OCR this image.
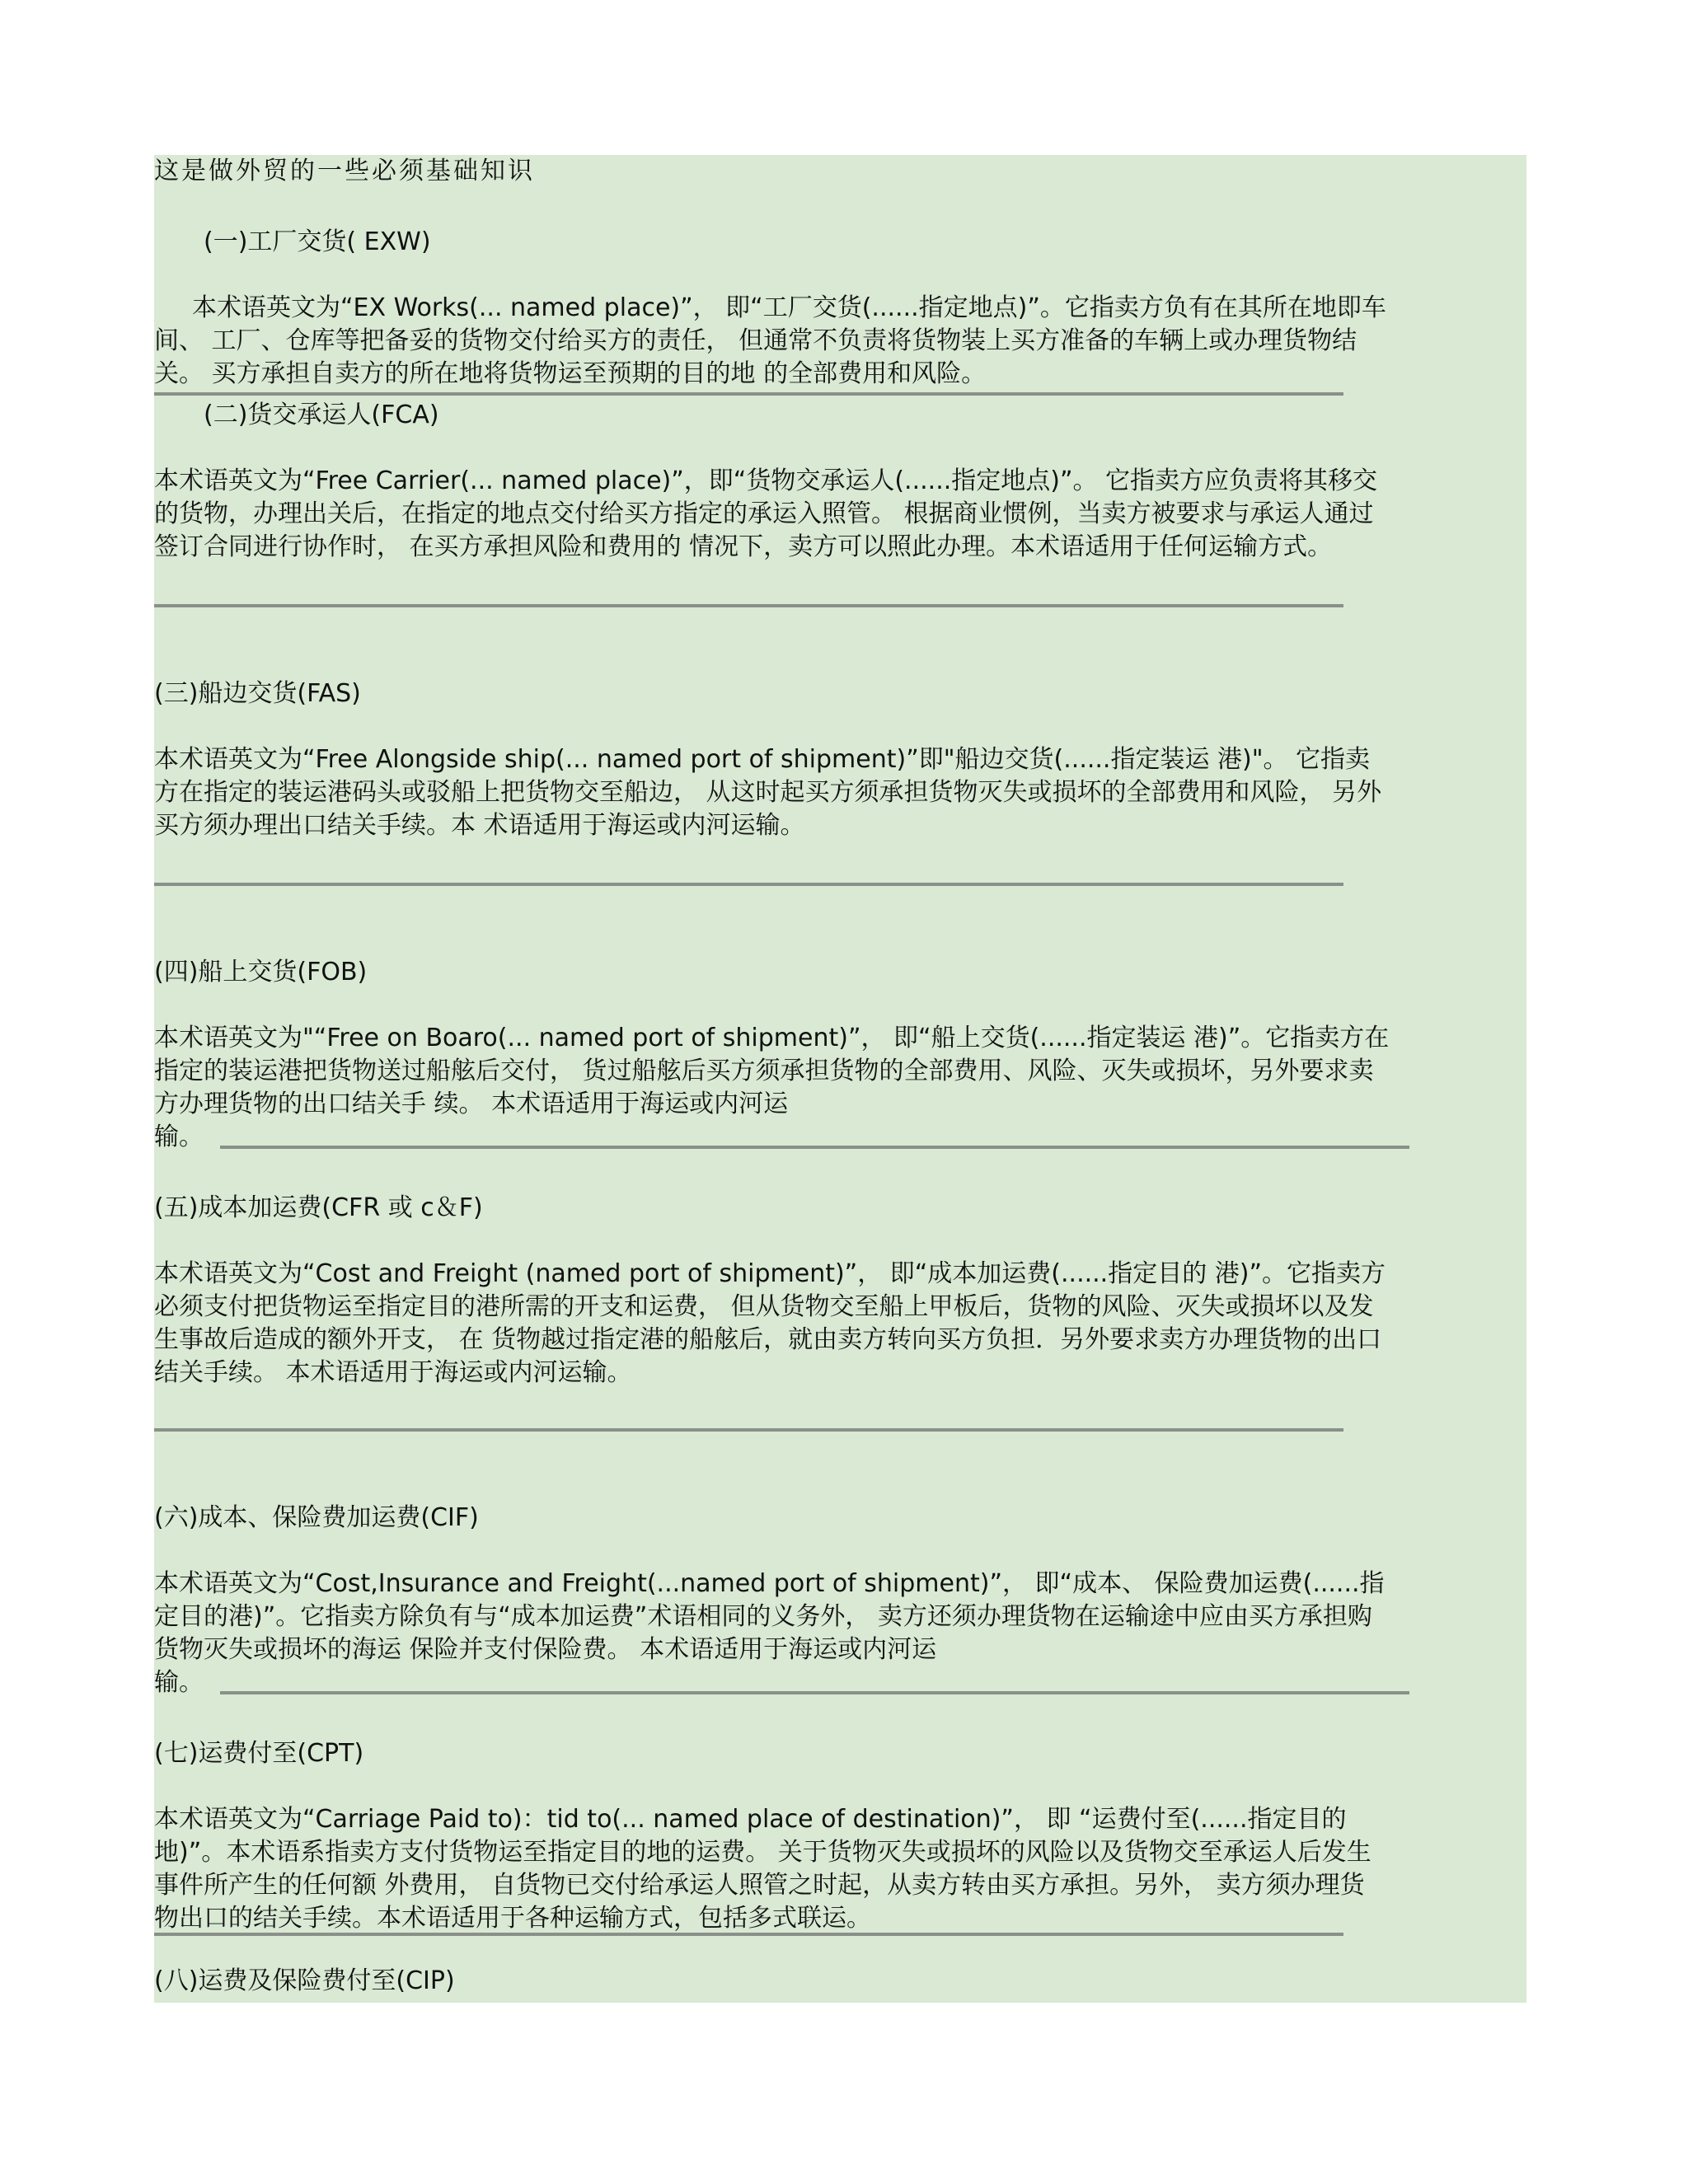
这是做外贸的一些必须基础知识

(一)工厂交货( EXW)

本术语英文为“EX Works(... named place)”， 即“工厂交货(......指定地点)”。它指卖方负有在其所在地即车
间、 工厂、仓库等把备妥的货物交付给买方的责任， 但通常不负责将货物装上买方准备的车辆上或办理货物结
关。 买方承担自卖方的所在地将货物运至预期的目的地 的全部费用和风险。

(二)货交承运人(FCA)

本术语英文为“Free Carrier(... named place)”，即“货物交承运人(......指定地点)”。 它指卖方应负责将其移交
的货物，办理出关后，在指定的地点交付给买方指定的承运入照管。 根据商业惯例，当卖方被要求与承运人通过
签订合同进行协作时， 在买方承担风险和费用的 情况下，卖方可以照此办理。本术语适用于任何运输方式。

(三)船边交货(FAS)

本术语英文为“Free Alongside ship(... named port of shipment)”即"船边交货(......指定装运 港)"。 它指卖
方在指定的装运港码头或驳船上把货物交至船边， 从这时起买方须承担货物灭失或损坏的全部费用和风险， 另外
买方须办理出口结关手续。本 术语适用于海运或内河运输。

(四)船上交货(FOB)

本术语英文为"“Free on Boaro(... named port of shipment)”， 即“船上交货(......指定装运 港)”。它指卖方在
指定的装运港把货物送过船舷后交付， 货过船舷后买方须承担货物的全部费用、风险、灭失或损坏，另外要求卖
方办理货物的出口结关手 续。 本术语适用于海运或内河运
输。

(五)成本加运费(CFR 或 c＆F)

本术语英文为“Cost and Freight (named port of shipment)”， 即“成本加运费(......指定目的 港)”。它指卖方
必须支付把货物运至指定目的港所需的开支和运费， 但从货物交至船上甲板后，货物的风险、灭失或损坏以及发
生事故后造成的额外开支， 在 货物越过指定港的船舷后，就由卖方转向买方负担．另外要求卖方办理货物的出口
结关手续。 本术语适用于海运或内河运输。

(六)成本、保险费加运费(CIF)

本术语英文为“Cost,Insurance and Freight(...named port of shipment)”， 即“成本、 保险费加运费(......指
定目的港)”。它指卖方除负有与“成本加运费”术语相同的义务外， 卖方还须办理货物在运输途中应由买方承担购
货物灭失或损坏的海运 保险并支付保险费。 本术语适用于海运或内河运
输。

(七)运费付至(CPT)

本术语英文为“Carriage Paid to)：tid to(... named place of destination)”， 即 “运费付至(......指定目的
地)”。本术语系指卖方支付货物运至指定目的地的运费。 关于货物灭失或损坏的风险以及货物交至承运人后发生
事件所产生的任何额 外费用， 自货物已交付给承运人照管之时起，从卖方转由买方承担。另外， 卖方须办理货
物出口的结关手续。本术语适用于各种运输方式，包括多式联运。

(八)运费及保险费付至(CIP)
